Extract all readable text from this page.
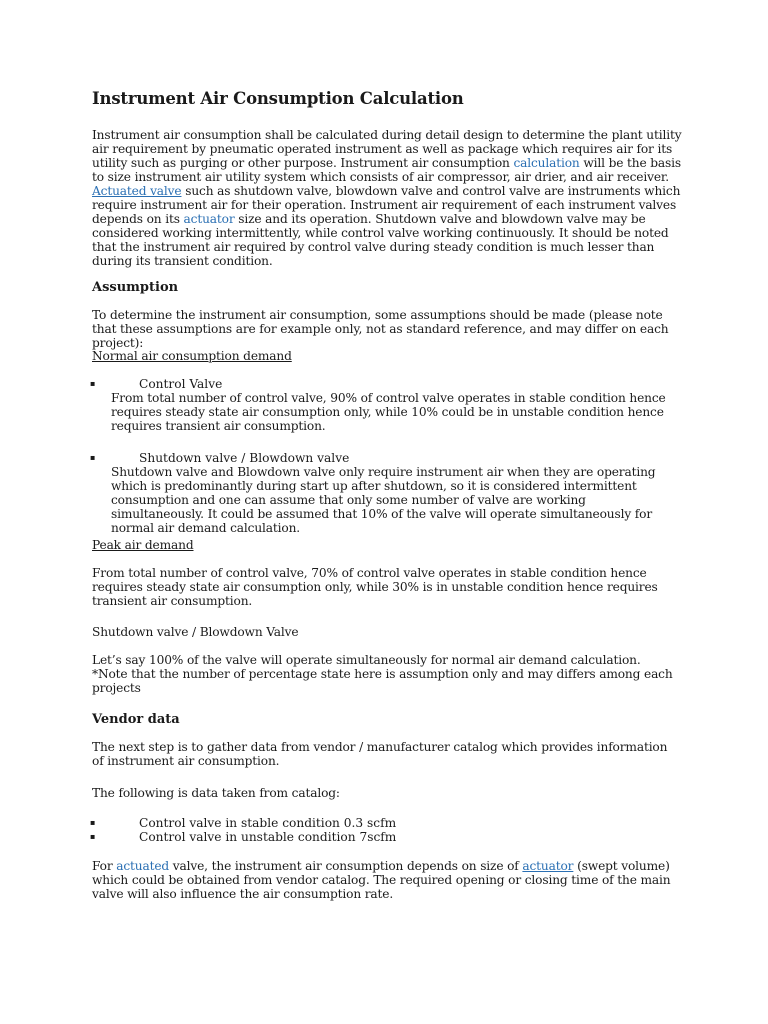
Instrument Air Consumption Calculation
Instrument air consumption shall be calculated during detail design to determine the plant utility air requirement by pneumatic operated instrument as well as package which requires air for its utility such as purging or other purpose. Instrument air consumption calculation will be the basis to size instrument air utility system which consists of air compressor, air drier, and air receiver.
Actuated valve such as shutdown valve, blowdown valve and control valve are instruments which require instrument air for their operation. Instrument air requirement of each instrument valves depends on its actuator size and its operation. Shutdown valve and blowdown valve may be considered working intermittently, while control valve working continuously. It should be noted that the instrument air required by control valve during steady condition is much lesser than during its transient condition.
Assumption
To determine the instrument air consumption, some assumptions should be made (please note that these assumptions are for example only, not as standard reference, and may differ on each project):
Normal air consumption demand
▪	Control Valve
From total number of control valve, 90% of control valve operates in stable condition hence requires steady state air consumption only, while 10% could be in unstable condition hence requires transient air consumption.
▪	Shutdown valve / Blowdown valve
Shutdown valve and Blowdown valve only require instrument air when they are operating which is predominantly during start up after shutdown, so it is considered intermittent consumption and one can assume that only some number of valve are working simultaneously. It could be assumed that 10% of the valve will operate simultaneously for normal air demand calculation.
Peak air demand
From total number of control valve, 70% of control valve operates in stable condition hence requires steady state air consumption only, while 30% is in unstable condition hence requires transient air consumption.
Shutdown valve / Blowdown Valve
Let’s say 100% of the valve will operate simultaneously for normal air demand calculation.
*Note that the number of percentage state here is assumption only and may differs among each projects
Vendor data
The next step is to gather data from vendor / manufacturer catalog which provides information of instrument air consumption.
The following is data taken from catalog:
▪	Control valve in stable condition 0.3 scfm
▪	Control valve in unstable condition 7scfm
For actuated valve, the instrument air consumption depends on size of actuator (swept volume) which could be obtained from vendor catalog. The required opening or closing time of the main valve will also influence the air consumption rate.
